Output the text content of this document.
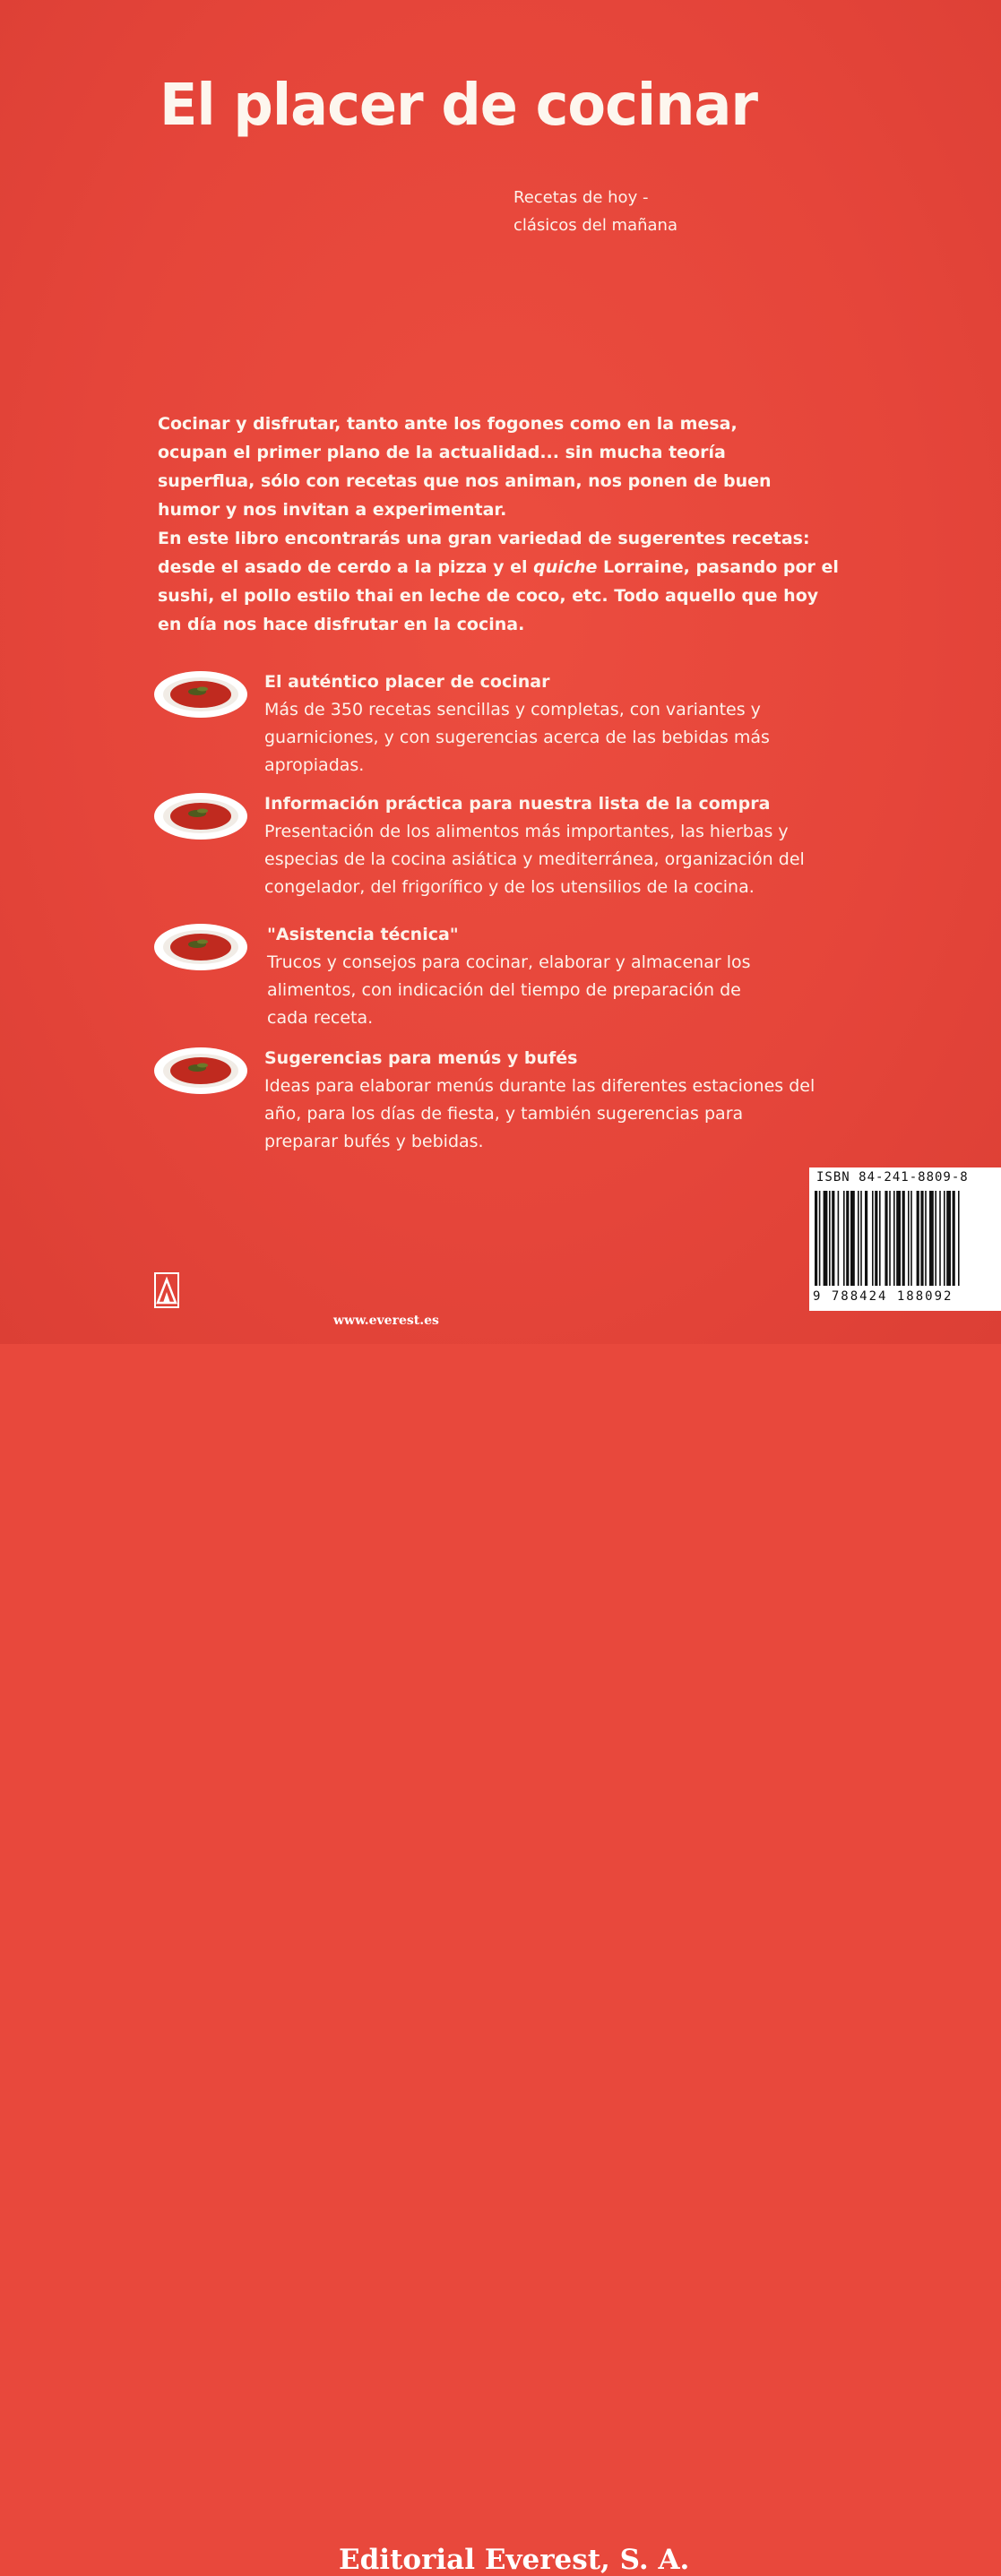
El placer de cocinar
Recetas de hoy -
clásicos del mañana

Cocinar y disfrutar, tanto ante los fogones como en la mesa, ocupan el primer plano de la actualidad... sin mucha teoría superflua, sólo con recetas que nos animan, nos ponen de buen humor y nos invitan a experimentar.

En este libro encontrarás una gran variedad de sugerentes recetas: desde el asado de cerdo a la pizza y el quiche Lorraine, pasando por el sushi, el pollo estilo thai en leche de coco, etc. Todo aquello que hoy en día nos hace disfrutar en la cocina.

El auténtico placer de cocinar
Más de 350 recetas sencillas y completas, con variantes y guarniciones, y con sugerencias acerca de las bebidas más apropiadas.
Información práctica para nuestra lista de la compra
Presentación de los alimentos más importantes, las hierbas y especias de la cocina asiática y mediterránea, organización del congelador, del frigorífico y de los utensilios de la cocina.
"Asistencia técnica"
Trucos y consejos para cocinar, elaborar y almacenar los alimentos, con indicación del tiempo de preparación de cada receta.
Sugerencias para menús y bufés
Ideas para elaborar menús durante las diferentes estaciones del año, para los días de fiesta, y también sugerencias para preparar bufés y bebidas.
ISBN 84-241-8809-8
9 788424 188092
Editorial Everest, S. A.
www.everest.es
